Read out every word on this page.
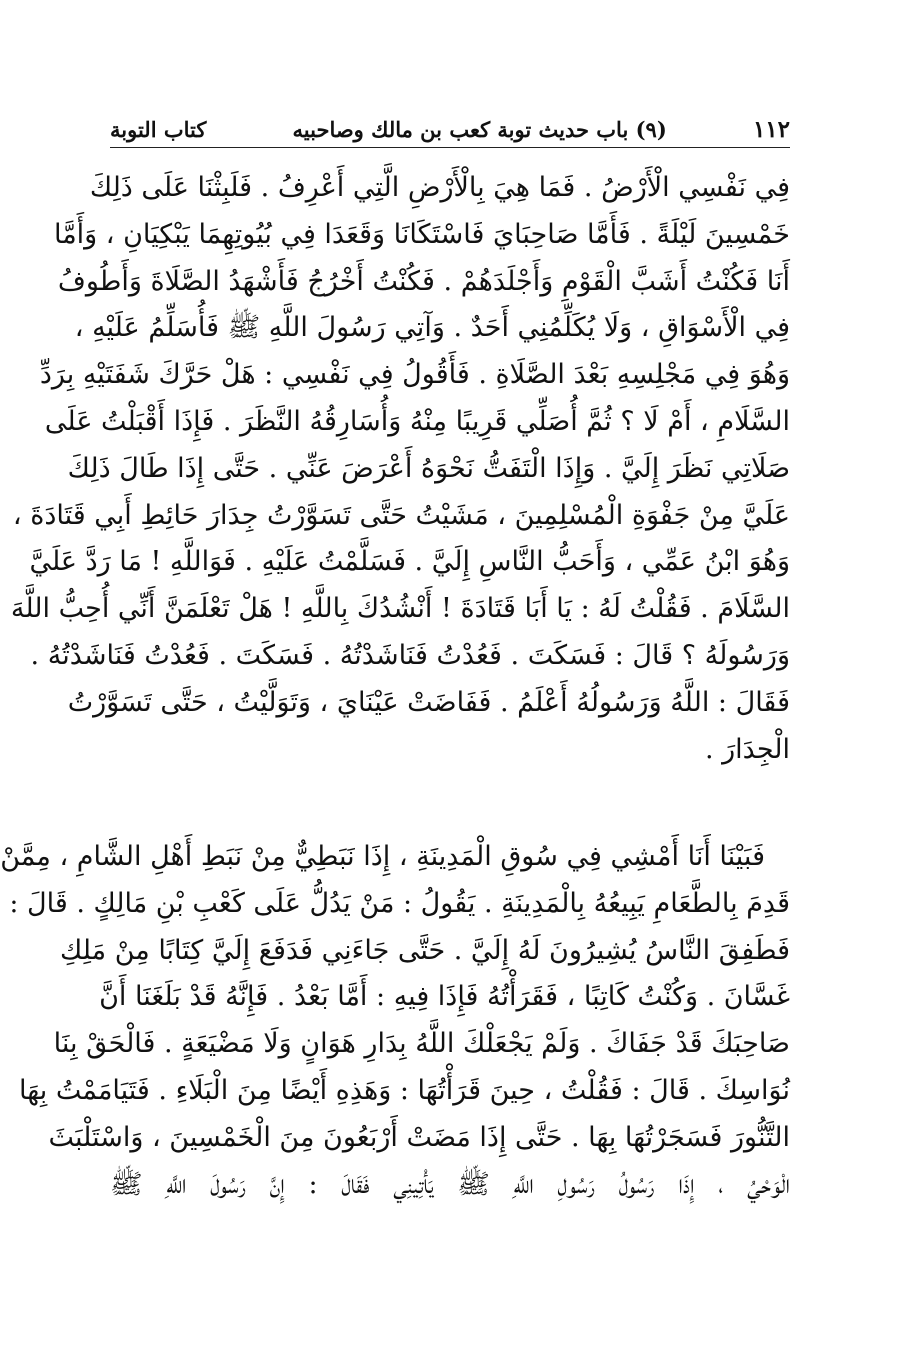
١١٢
(٩) باب حديث توبة كعب بن مالك وصاحبيه
كتاب التوبة

فِي نَفْسِي الْأَرْضُ . فَمَا هِيَ بِالْأَرْضِ الَّتِي أَعْرِفُ . فَلَبِثْنَا عَلَى ذَلِكَ
خَمْسِينَ لَيْلَةً . فَأَمَّا صَاحِبَايَ فَاسْتَكَانَا وَقَعَدَا فِي بُيُوتِهِمَا يَبْكِيَانِ ، وَأَمَّا
أَنَا فَكُنْتُ أَشَبَّ الْقَوْمِ وَأَجْلَدَهُمْ . فَكُنْتُ أَخْرُجُ فَأَشْهَدُ الصَّلَاةَ وَأَطُوفُ
فِي الْأَسْوَاقِ ، وَلَا يُكَلِّمُنِي أَحَدٌ . وَآتِي رَسُولَ اللَّهِ ﷺ فَأُسَلِّمُ عَلَيْهِ ،
وَهُوَ فِي مَجْلِسِهِ بَعْدَ الصَّلَاةِ . فَأَقُولُ فِي نَفْسِي : هَلْ حَرَّكَ شَفَتَيْهِ بِرَدِّ
السَّلَامِ ، أَمْ لَا ؟ ثُمَّ أُصَلِّي قَرِيبًا مِنْهُ وَأُسَارِقُهُ النَّظَرَ . فَإِذَا أَقْبَلْتُ عَلَى
صَلَاتِي نَظَرَ إِلَيَّ . وَإِذَا الْتَفَتُّ نَحْوَهُ أَعْرَضَ عَنِّي . حَتَّى إِذَا طَالَ ذَلِكَ
عَلَيَّ مِنْ جَفْوَةِ الْمُسْلِمِينَ ، مَشَيْتُ حَتَّى تَسَوَّرْتُ جِدَارَ حَائِطِ أَبِي قَتَادَةَ ،
وَهُوَ ابْنُ عَمِّي ، وَأَحَبُّ النَّاسِ إِلَيَّ . فَسَلَّمْتُ عَلَيْهِ . فَوَاللَّهِ ! مَا رَدَّ عَلَيَّ
السَّلَامَ . فَقُلْتُ لَهُ : يَا أَبَا قَتَادَةَ ! أَنْشُدُكَ بِاللَّهِ ! هَلْ تَعْلَمَنَّ أَنِّي أُحِبُّ اللَّهَ
وَرَسُولَهُ ؟ قَالَ : فَسَكَتَ . فَعُدْتُ فَنَاشَدْتُهُ . فَسَكَتَ . فَعُدْتُ فَنَاشَدْتُهُ .
فَقَالَ : اللَّهُ وَرَسُولُهُ أَعْلَمُ . فَفَاضَتْ عَيْنَايَ ، وَتَوَلَّيْتُ ، حَتَّى تَسَوَّرْتُ
الْجِدَارَ .

فَبَيْنَا أَنَا أَمْشِي فِي سُوقِ الْمَدِينَةِ ، إِذَا نَبَطِيٌّ مِنْ نَبَطِ أَهْلِ الشَّامِ ، مِمَّنْ
قَدِمَ بِالطَّعَامِ يَبِيعُهُ بِالْمَدِينَةِ . يَقُولُ : مَنْ يَدُلُّ عَلَى كَعْبِ بْنِ مَالِكٍ . قَالَ :
فَطَفِقَ النَّاسُ يُشِيرُونَ لَهُ إِلَيَّ . حَتَّى جَاءَنِي فَدَفَعَ إِلَيَّ كِتَابًا مِنْ مَلِكِ
غَسَّانَ . وَكُنْتُ كَاتِبًا ، فَقَرَأْتُهُ فَإِذَا فِيهِ : أَمَّا بَعْدُ . فَإِنَّهُ قَدْ بَلَغَنَا أَنَّ
صَاحِبَكَ قَدْ جَفَاكَ . وَلَمْ يَجْعَلْكَ اللَّهُ بِدَارِ هَوَانٍ وَلَا مَضْيَعَةٍ . فَالْحَقْ بِنَا
نُوَاسِكَ . قَالَ : فَقُلْتُ ، حِينَ قَرَأْتُهَا : وَهَذِهِ أَيْضًا مِنَ الْبَلَاءِ . فَتَيَامَمْتُ بِهَا
التَّنُّورَ فَسَجَرْتُهَا بِهَا . حَتَّى إِذَا مَضَتْ أَرْبَعُونَ مِنَ الْخَمْسِينَ ، وَاسْتَلْبَثَ
الْوَحْيُ ، إِذَا رَسُولُ رَسُولِ اللَّهِ ﷺ يَأْتِينِي فَقَالَ : إِنَّ رَسُولَ اللَّهِ ﷺ
